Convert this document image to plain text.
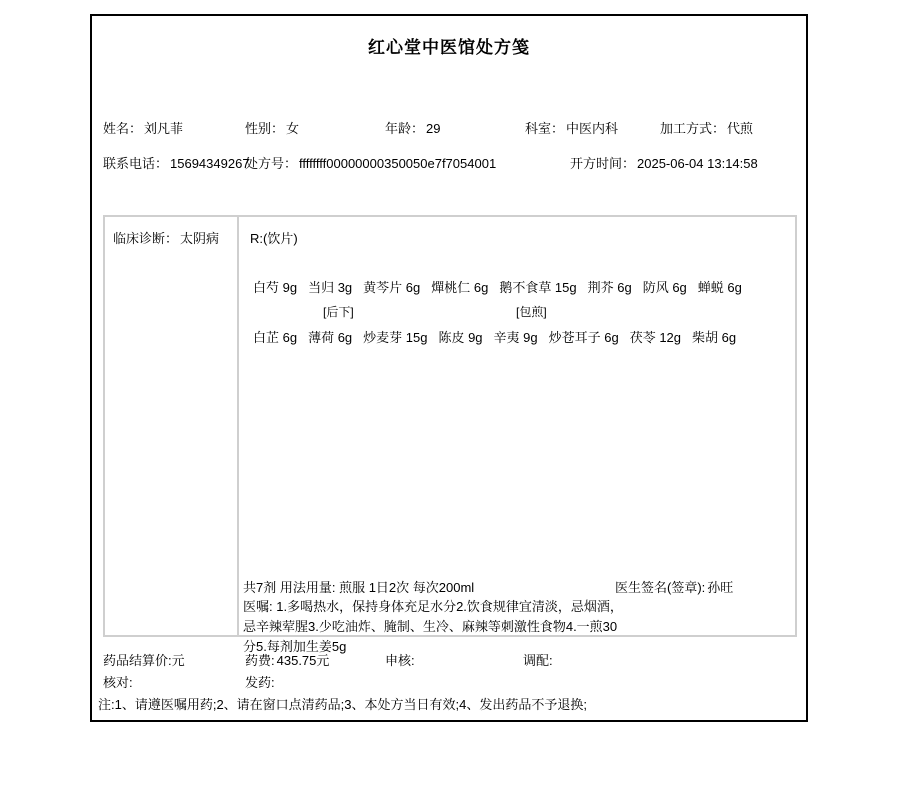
红心堂中医馆处方笺
姓名： 刘凡菲	性别： 女	年龄： 29	科室： 中医内科	加工方式： 代煎
联系电话： 15694349267
处方号： ffffffff00000000350050e7f7054001	开方时间： 2025-06-04 13:14:58
临床诊断： 太阴病 R:(饮片)
白芍 9g 当归 3g 黄芩片 6g 燀桃仁 6g 鹅不食草 15g 荆芥 6g 防风 6g 蝉蜕 6g
[后下]	[包煎]
白芷 6g 薄荷 6g 炒麦芽 15g 陈皮 9g 辛夷 9g 炒苍耳子 6g 茯苓 12g 柴胡 6g
共7剂 用法用量: 煎服 1日2次 每次200ml	医生签名(签章): 孙旺
医嘱: 1.多喝热水，保持身体充足水分2.饮食规律宜清淡，忌烟酒，忌辛辣荤腥3.少吃油炸、腌制、生冷、麻辣等刺激性食物4.一煎30分5.每剂加生姜5g
药品结算价:元	药费: 435.75元	申核:	调配:
核对:	发药:
注:1、请遵医嘱用药;2、请在窗口点清药品;3、本处方当日有效;4、发出药品不予退换;
